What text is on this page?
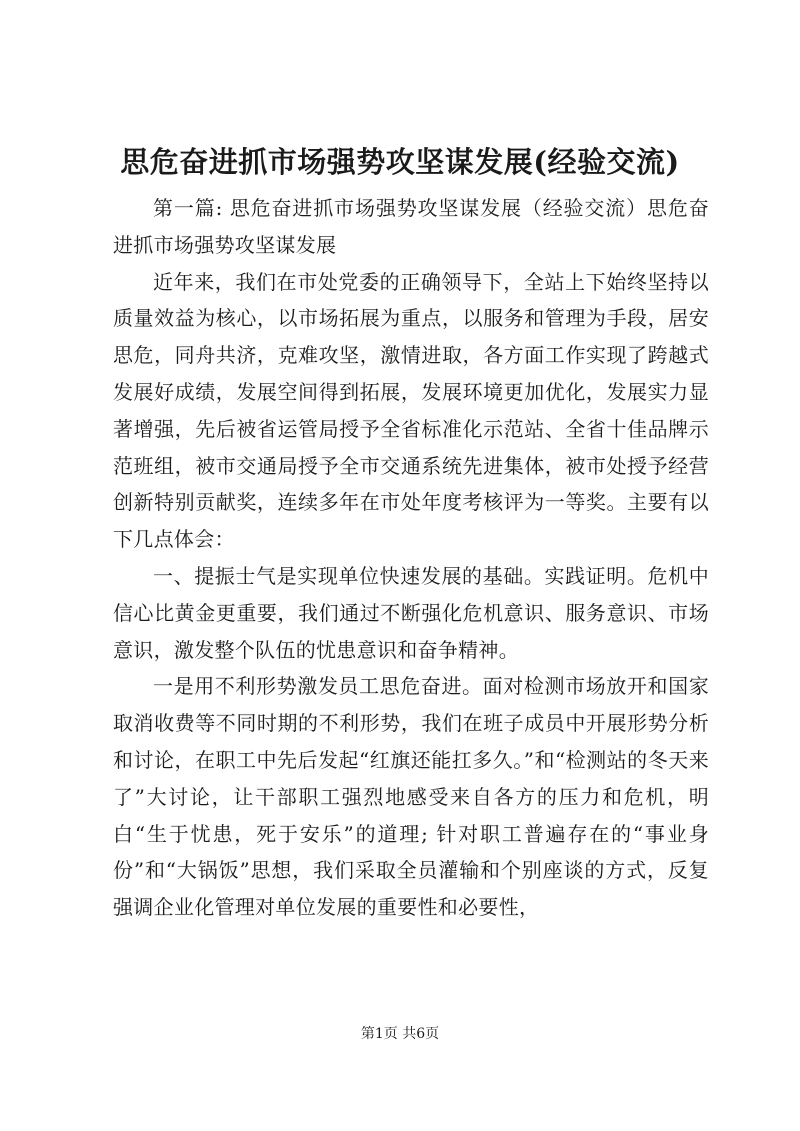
思危奋进抓市场强势攻坚谋发展(经验交流)

第一篇: 思危奋进抓市场强势攻坚谋发展（经验交流）思危奋进抓市场强势攻坚谋发展

近年来，我们在市处党委的正确领导下，全站上下始终坚持以质量效益为核心，以市场拓展为重点，以服务和管理为手段，居安思危，同舟共济，克难攻坚，激情进取，各方面工作实现了跨越式发展好成绩，发展空间得到拓展，发展环境更加优化，发展实力显著增强，先后被省运管局授予全省标准化示范站、全省十佳品牌示范班组，被市交通局授予全市交通系统先进集体，被市处授予经营创新特别贡献奖，连续多年在市处年度考核评为一等奖。主要有以下几点体会：

一、提振士气是实现单位快速发展的基础。实践证明。危机中信心比黄金更重要，我们通过不断强化危机意识、服务意识、市场意识，激发整个队伍的忧患意识和奋争精神。

一是用不利形势激发员工思危奋进。面对检测市场放开和国家取消收费等不同时期的不利形势，我们在班子成员中开展形势分析和讨论，在职工中先后发起“红旗还能扛多久。”和“检测站的冬天来了”大讨论，让干部职工强烈地感受来自各方的压力和危机，明白“生于忧患，死于安乐”的道理; 针对职工普遍存在的“事业身份”和“大锅饭”思想，我们采取全员灌输和个别座谈的方式，反复强调企业化管理对单位发展的重要性和必要性，

第1页 共6页
